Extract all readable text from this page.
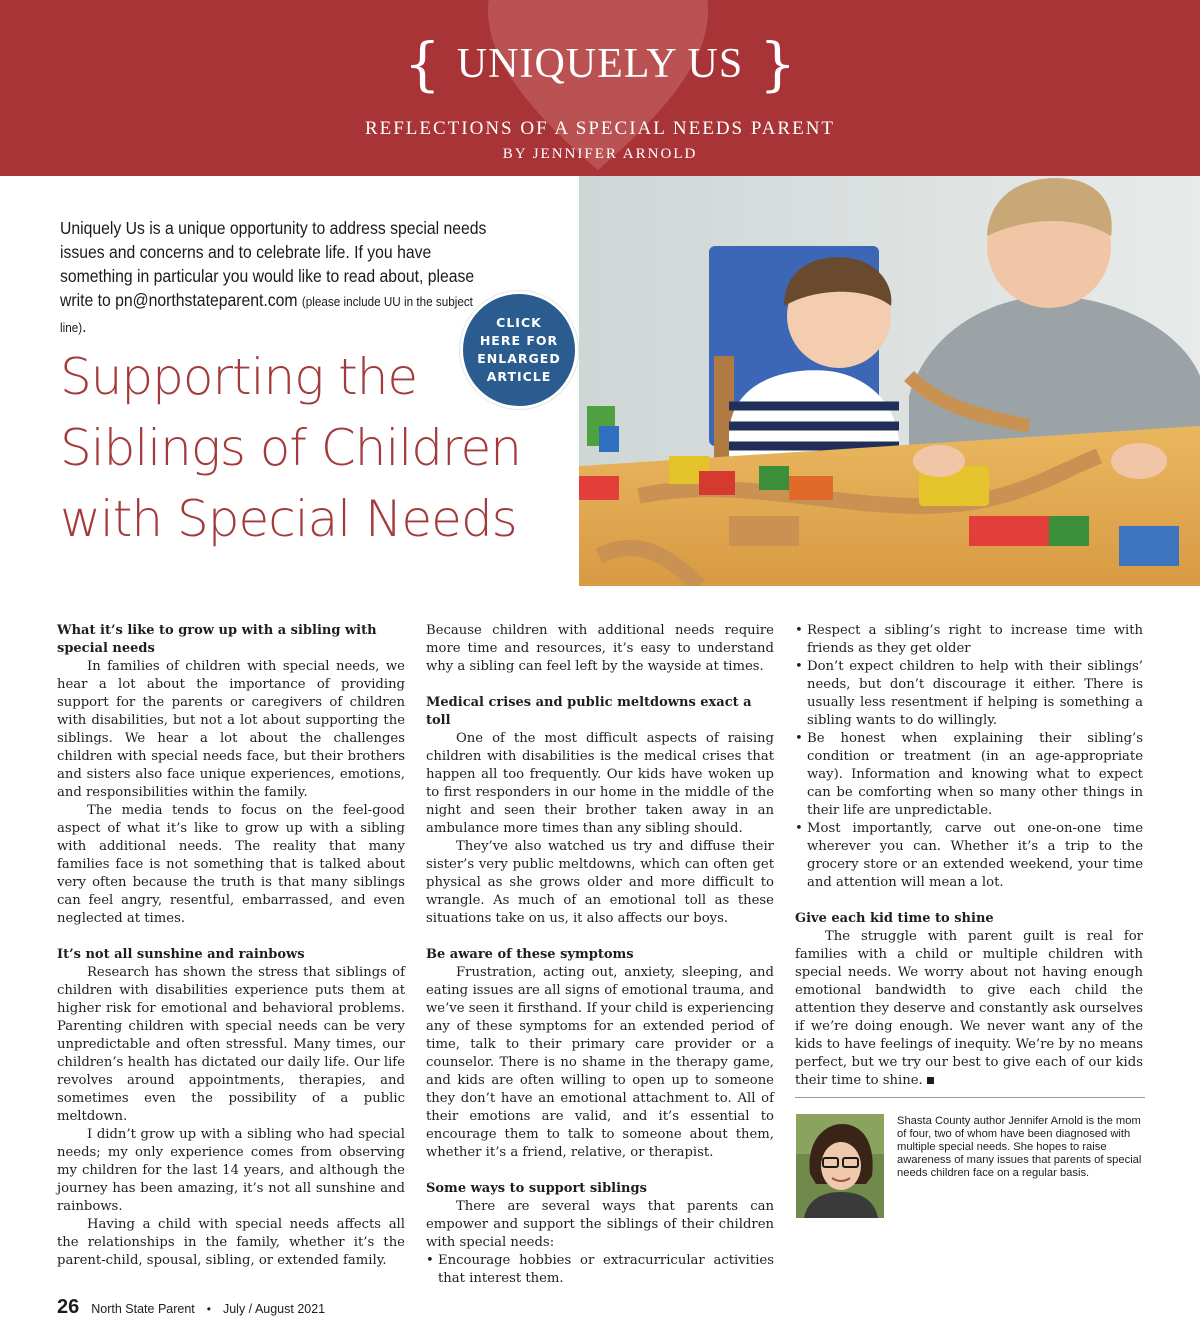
{ UNIQUELY US }
REFLECTIONS OF A SPECIAL NEEDS PARENT
BY JENNIFER ARNOLD
Uniquely Us is a unique opportunity to address special needs issues and concerns and to celebrate life. If you have something in particular you would like to read about, please write to pn@northstateparent.com (please include UU in the subject line).	CLICK
HERE FOR
ENLARGED
ARTICLE
Supporting the
Siblings of Children
with Special Needs
What it’s like to grow up with a sibling with special needs

In families of children with special needs, we hear a lot about the importance of providing support for the parents or caregivers of children with disabilities, but not a lot about supporting the siblings. We hear a lot about the challenges children with special needs face, but their brothers and sisters also face unique experiences, emotions, and responsibilities within the family.

The media tends to focus on the feel-good aspect of what it’s like to grow up with a sibling with additional needs. The reality that many families face is not something that is talked about very often because the truth is that many siblings can feel angry, resentful, embarrassed, and even neglected at times.

It’s not all sunshine and rainbows

Research has shown the stress that siblings of children with disabilities experience puts them at higher risk for emotional and behavioral problems. Parenting children with special needs can be very unpredictable and often stressful. Many times, our children’s health has dictated our daily life. Our life revolves around appointments, therapies, and sometimes even the possibility of a public meltdown.

I didn’t grow up with a sibling who had special needs; my only experience comes from observing my children for the last 14 years, and although the journey has been amazing, it’s not all sunshine and rainbows.

Having a child with special needs affects all the relationships in the family, whether it’s the parent-child, spousal, sibling, or extended family.

Because children with additional needs require more time and resources, it’s easy to understand why a sibling can feel left by the wayside at times.

Medical crises and public meltdowns exact a toll

One of the most difficult aspects of raising children with disabilities is the medical crises that happen all too frequently. Our kids have woken up to first responders in our home in the middle of the night and seen their brother taken away in an ambulance more times than any sibling should.

They’ve also watched us try and diffuse their sister’s very public meltdowns, which can often get physical as she grows older and more difficult to wrangle. As much of an emotional toll as these situations take on us, it also affects our boys.

Be aware of these symptoms

Frustration, acting out, anxiety, sleeping, and eating issues are all signs of emotional trauma, and we’ve seen it firsthand. If your child is experiencing any of these symptoms for an extended period of time, talk to their primary care provider or a counselor. There is no shame in the therapy game, and kids are often willing to open up to someone they don’t have an emotional attachment to. All of their emotions are valid, and it’s essential to encourage them to talk to someone about them, whether it’s a friend, relative, or therapist.

Some ways to support siblings

There are several ways that parents can empower and support the siblings of their children with special needs:

• Encourage hobbies or extracurricular activities that interest them.
• Respect a sibling’s right to increase time with friends as they get older
• Don’t expect children to help with their siblings’ needs, but don’t discourage it either. There is usually less resentment if helping is something a sibling wants to do willingly.
• Be honest when explaining their sibling’s condition or treatment (in an age-appropriate way). Information and knowing what to expect can be comforting when so many other things in their life are unpredictable.
• Most importantly, carve out one-on-one time wherever you can. Whether it’s a trip to the grocery store or an extended weekend, your time and attention will mean a lot.
Give each kid time to shine

The struggle with parent guilt is real for families with a child or multiple children with special needs. We worry about not having enough emotional bandwidth to give each child the attention they deserve and constantly ask ourselves if we’re doing enough. We never want any of the kids to have feelings of inequity. We’re by no means perfect, but we try our best to give each of our kids their time to shine.

Shasta County author Jennifer Arnold is the mom of four, two of whom have been diagnosed with multiple special needs. She hopes to raise awareness of many issues that parents of special needs children face on a regular basis.
26 North State Parent • July / August 2021
